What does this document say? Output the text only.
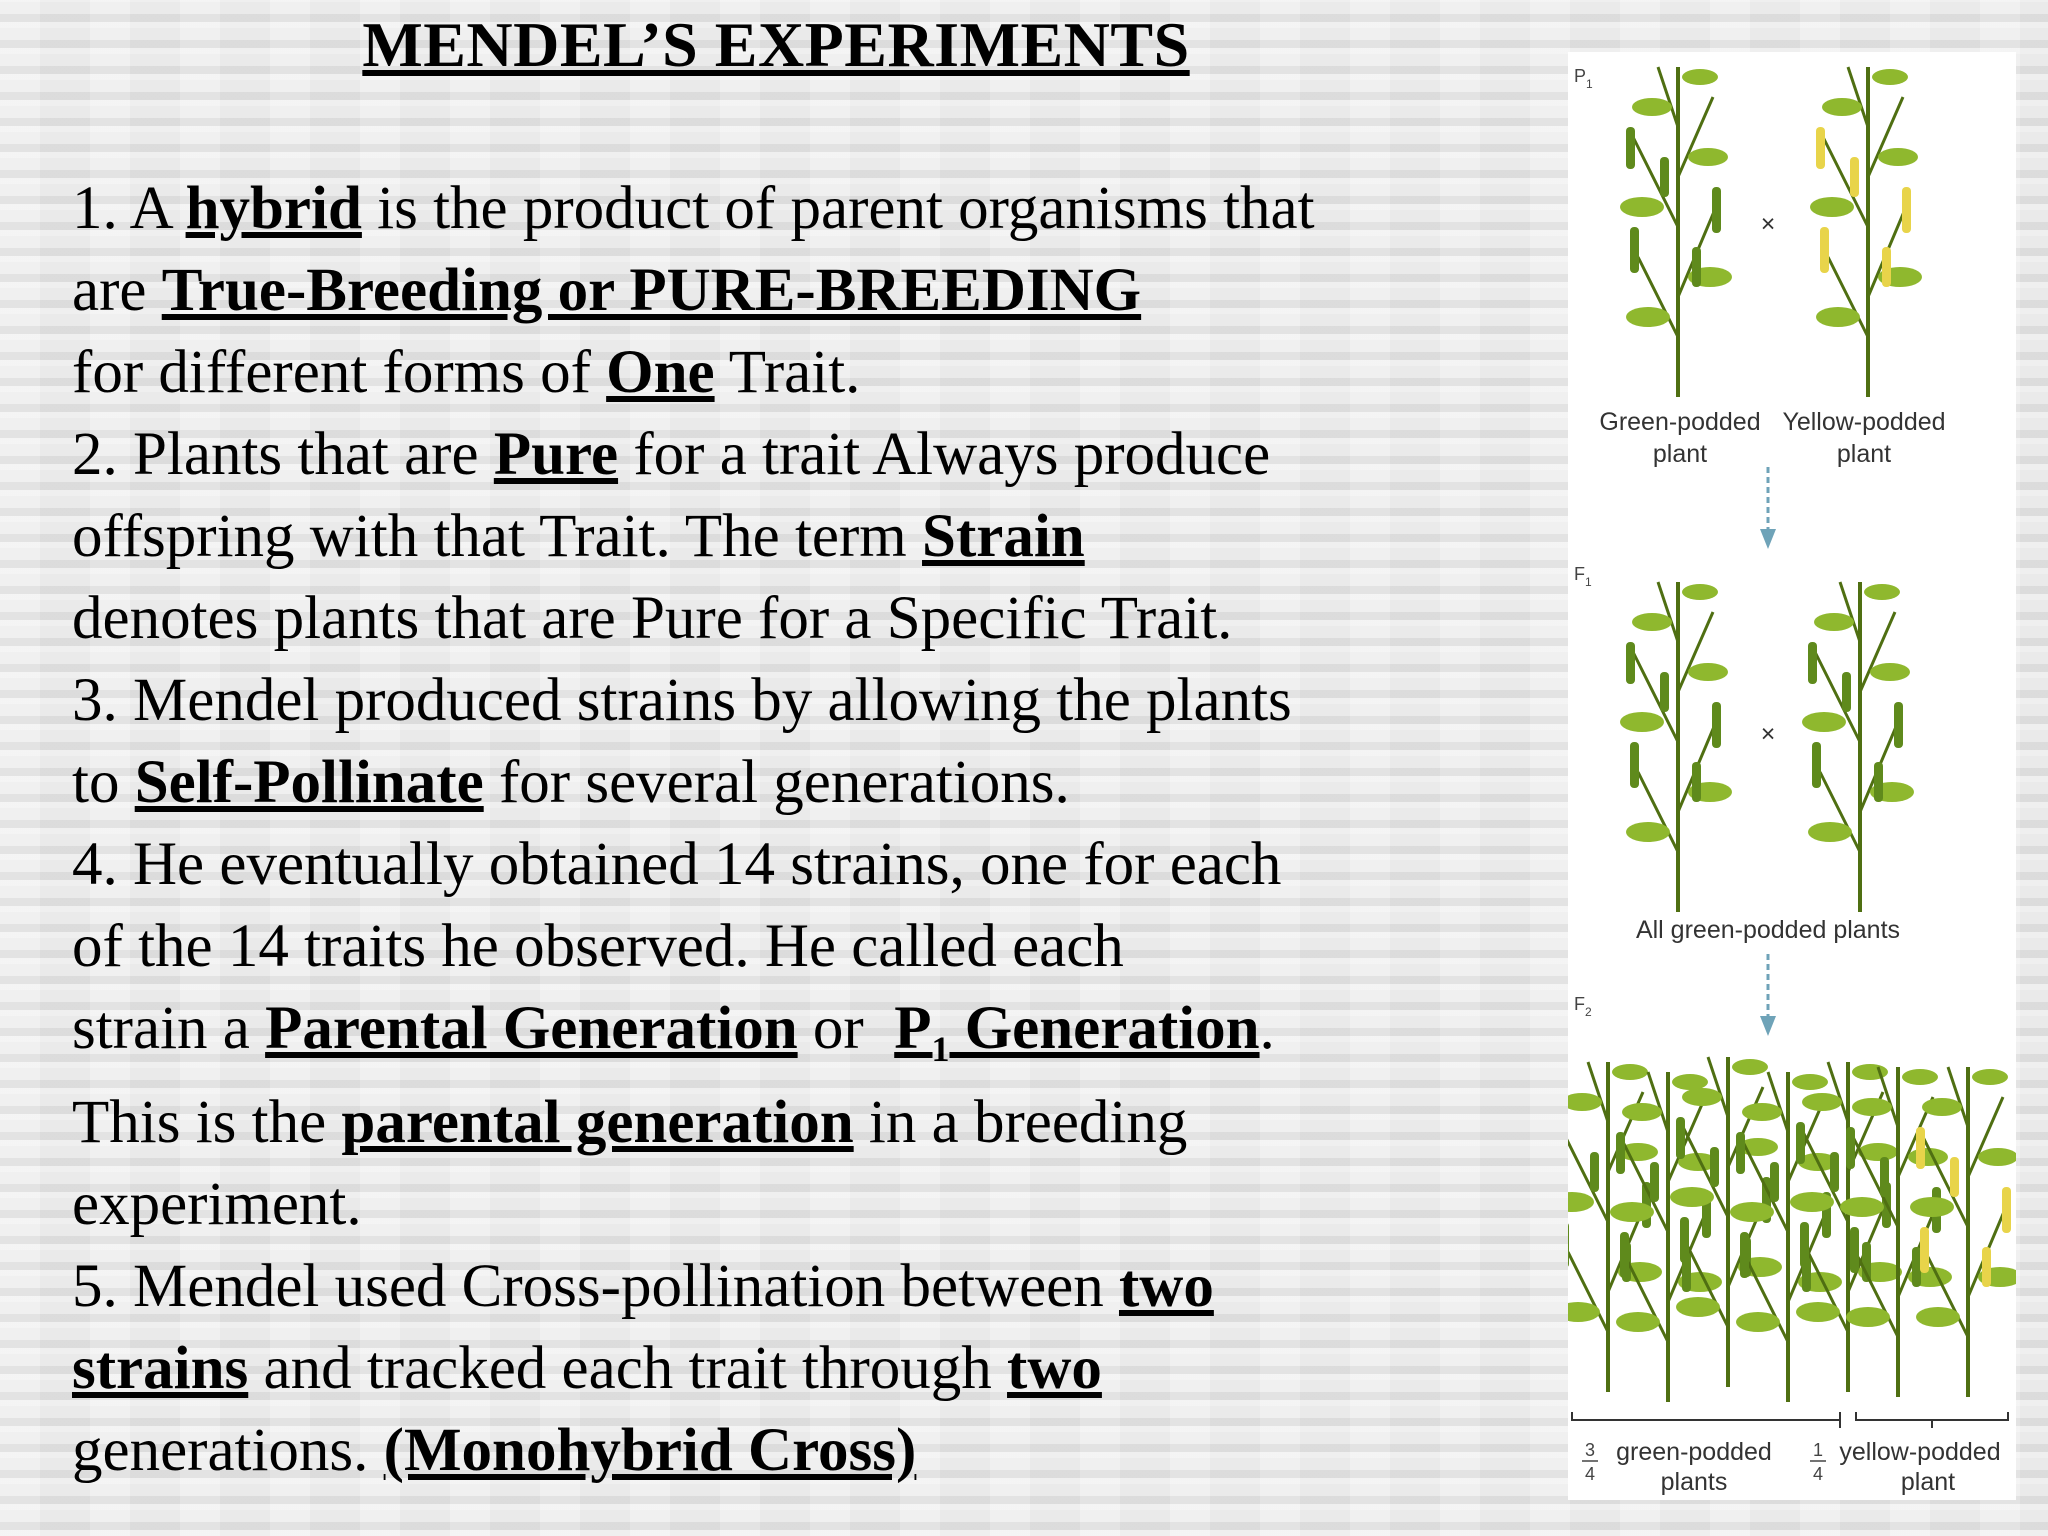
MENDEL’S EXPERIMENTS
1. A hybrid is the product of parent organisms that
are True-Breeding or PURE-BREEDING
for different forms of One Trait.
2. Plants that are Pure for a trait Always produce
offspring with that Trait. The term Strain
denotes plants that are Pure for a Specific Trait.
3. Mendel produced strains by allowing the plants
to Self-Pollinate for several generations.
4. He eventually obtained 14 strains, one for each
of the 14 traits he observed. He called each
strain a Parental Generation or  $P_1$ Generation.
This is the parental generation in a breeding
experiment.
5. Mendel used Cross-pollination between two
strains and tracked each trait through two
generations. (Monohybrid Cross)
$P_1$
×
Green-podded
plant
Yellow-podded
plant
$F_1$
×
All green-podded plants
$F_2$
3
4
green-podded
plants
1
4
yellow-podded
plant
